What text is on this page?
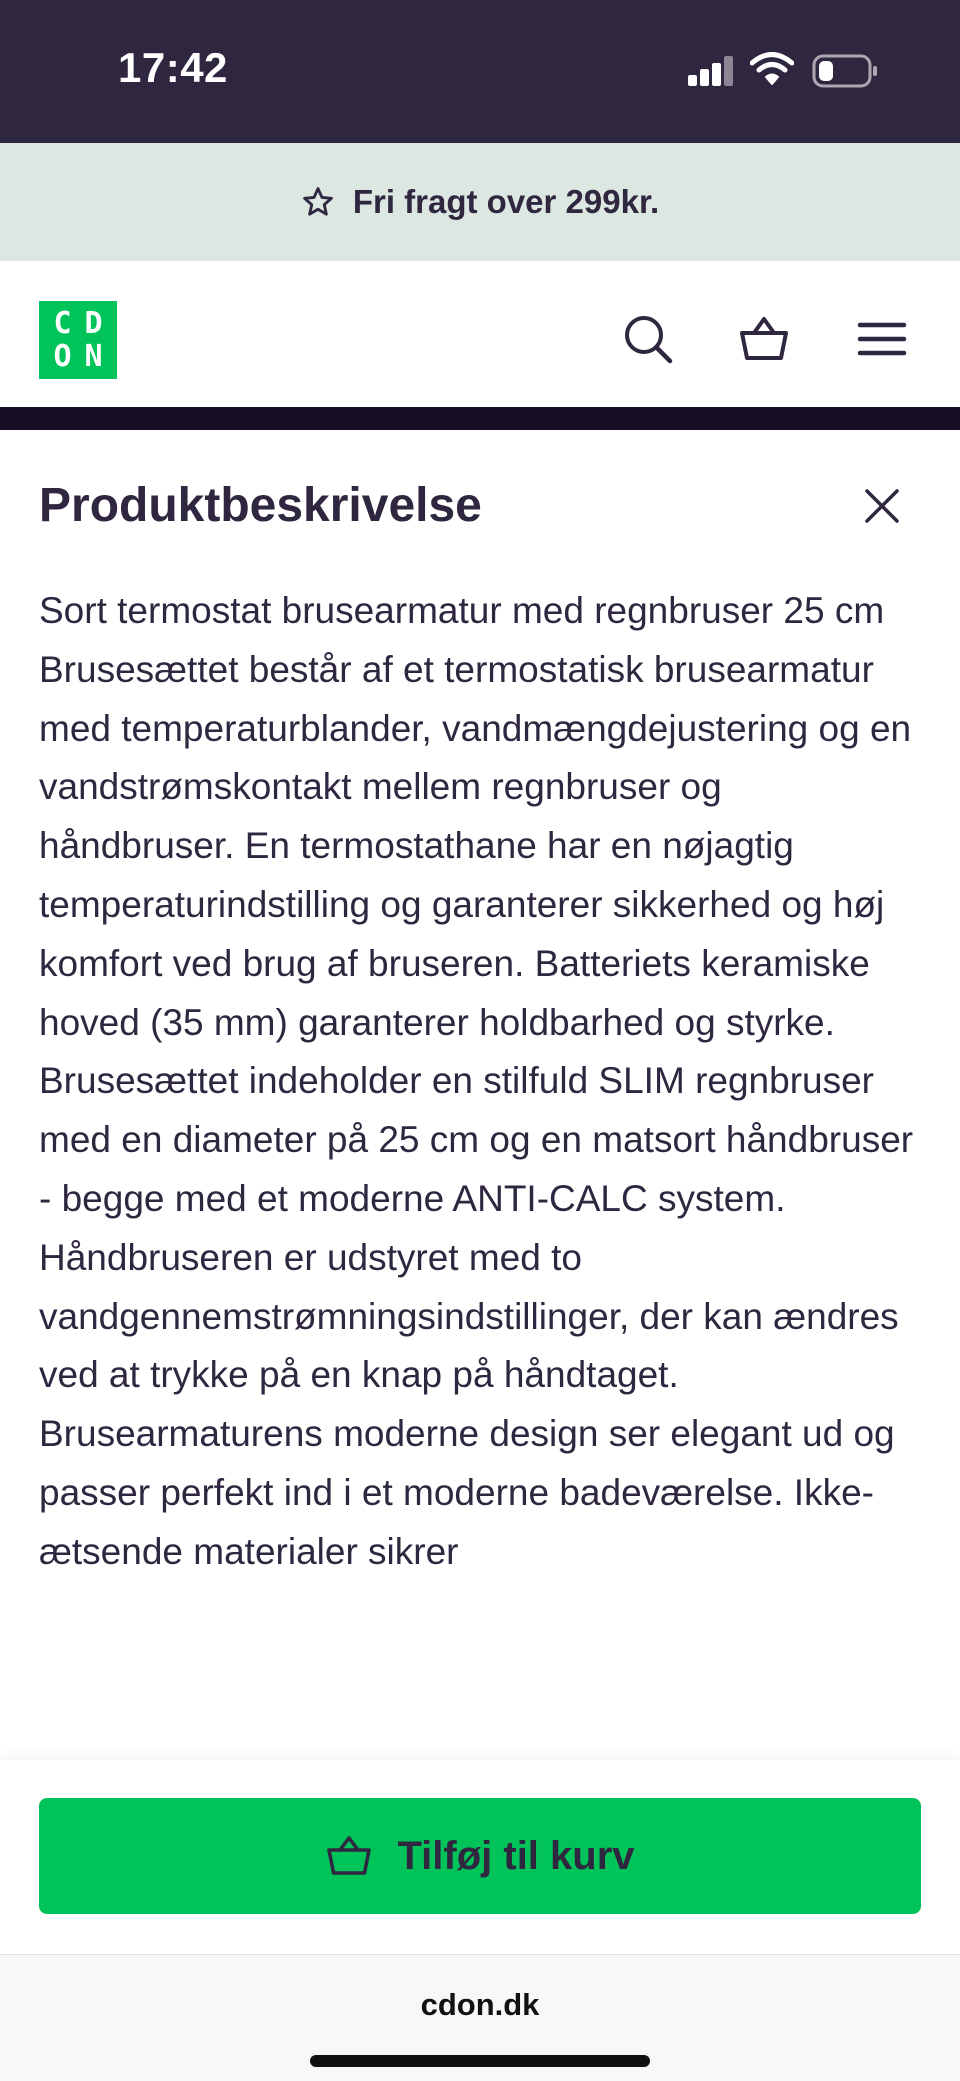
17:42
Fri fragt over 299kr.
C D
O N
Produktbeskrivelse

Sort termostat brusearmatur med regnbruser 25 cm

Brusesættet består af et termostatisk brusearmatur med temperaturblander, vandmængdejustering og en vandstrømskontakt mellem regnbruser og håndbruser. En termostathane har en nøjagtig temperaturindstilling og garanterer sikkerhed og høj komfort ved brug af bruseren. Batteriets keramiske hoved (35 mm) garanterer holdbarhed og styrke. Brusesættet indeholder en stilfuld SLIM regnbruser med en diameter på 25 cm og en matsort håndbruser - begge med et moderne ANTI-CALC system. Håndbruseren er udstyret med to vandgennemstrømningsindstillinger, der kan ændres ved at trykke på en knap på håndtaget. Brusearmaturens moderne design ser elegant ud og passer perfekt ind i et moderne badeværelse. Ikke-ætsende materialer sikrer

Tilføj til kurv
cdon.dk
